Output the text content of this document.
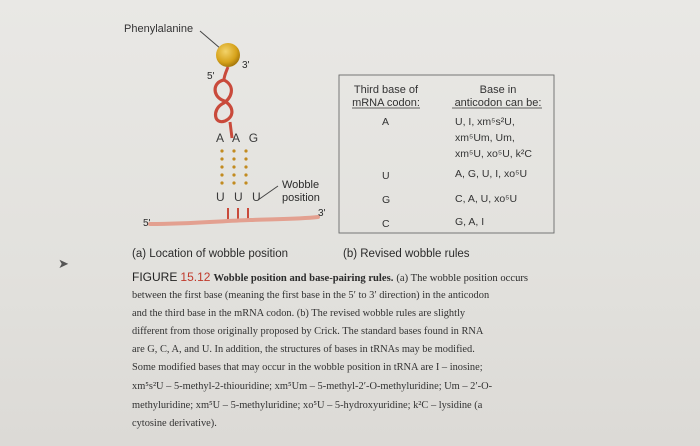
Phenylalanine
3'
5'
A A G
U U U
Wobble
position
5'
3'
Third base of
mRNA codon:
Base in
anticodon can be:
A	U, I, xm⁵s²U,
xm⁵Um, Um,
xm⁵U, xo⁵U, k²C
U	A, G, U, I, xo⁵U
G	C, A, U, xo⁵U
C	G, A, I
(a) Location of wobble position	(b) Revised wobble rules
➤
FIGURE 15.12 Wobble position and base-pairing rules. (a) The wobble position occurs
between the first base (meaning the first base in the 5′ to 3′ direction) in the anticodon
and the third base in the mRNA codon. (b) The revised wobble rules are slightly
different from those originally proposed by Crick. The standard bases found in RNA
are G, C, A, and U. In addition, the structures of bases in tRNAs may be modified.
Some modified bases that may occur in the wobble position in tRNA are I – inosine;
xm⁵s²U – 5-methyl-2-thiouridine; xm⁵Um – 5-methyl-2′-O-methyluridine; Um – 2′-O-
methyluridine; xm⁵U – 5-methyluridine; xo⁵U – 5-hydroxyuridine; k²C – lysidine (a
cytosine derivative).
